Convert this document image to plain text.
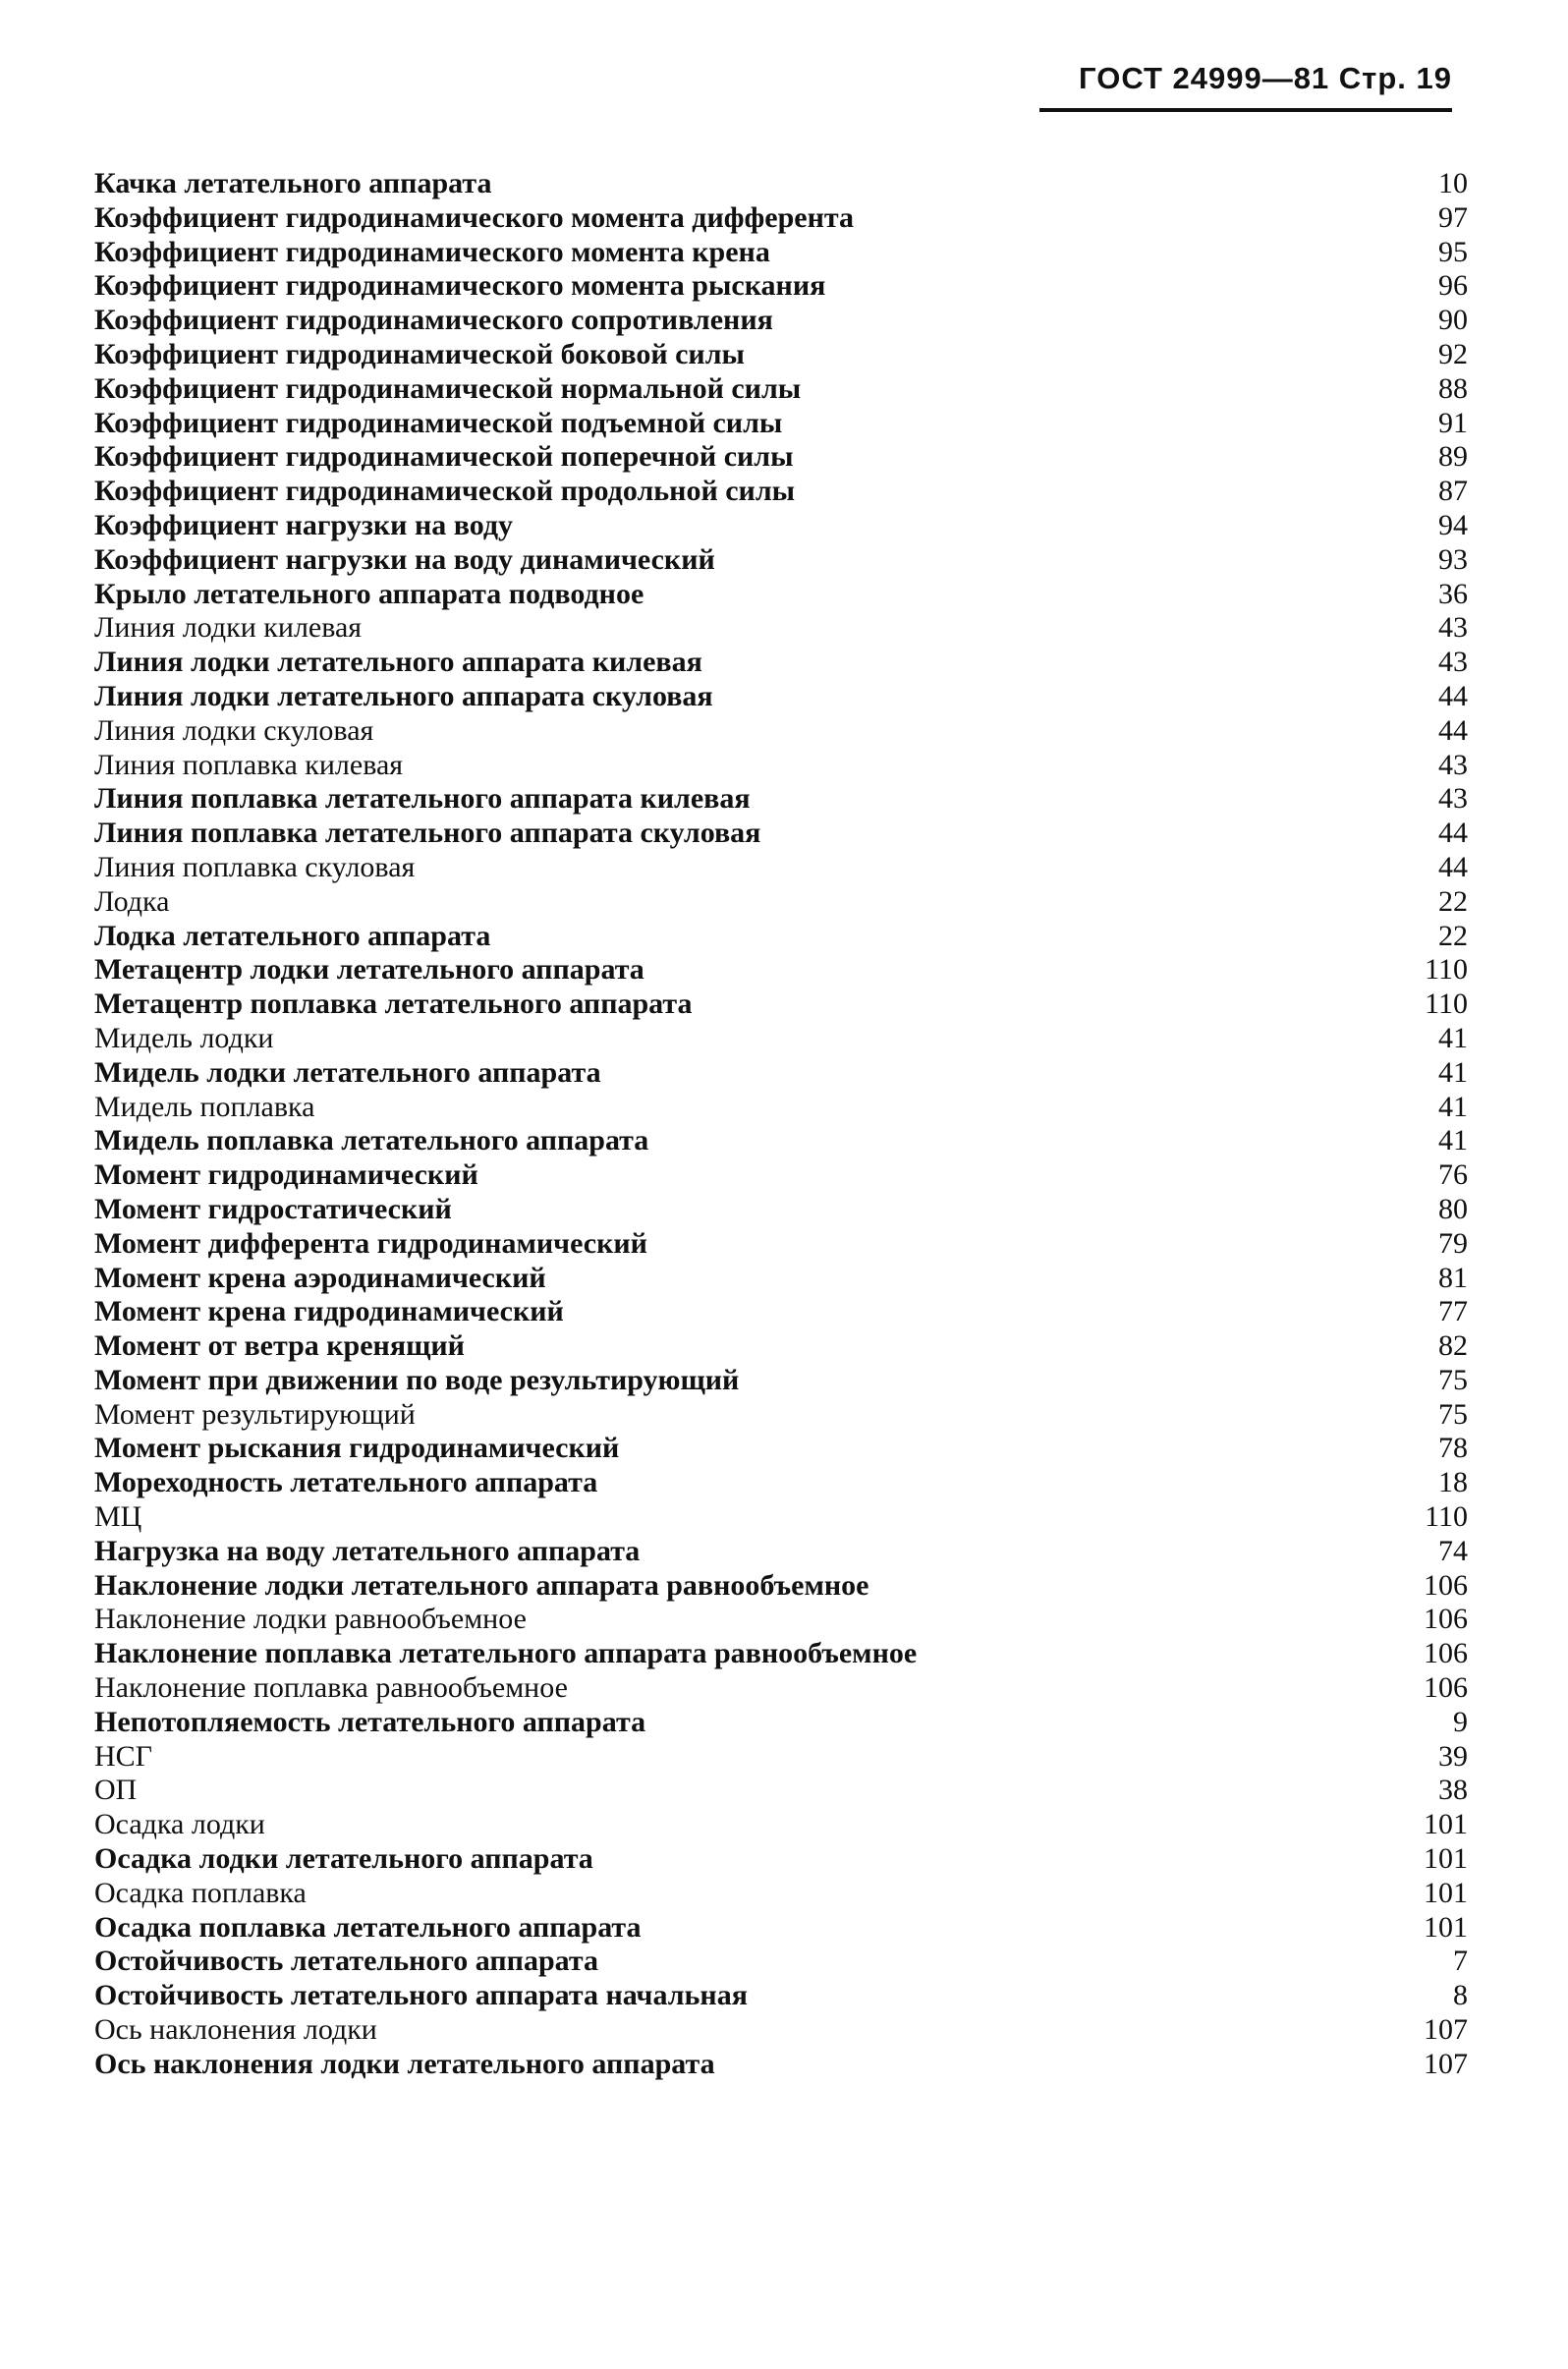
ГОСТ 24999—81 Стр. 19
Качка летательного аппарата	10
Коэффициент гидродинамического момента дифферента	97
Коэффициент гидродинамического момента крена	95
Коэффициент гидродинамического момента рыскания	96
Коэффициент гидродинамического сопротивления	90
Коэффициент гидродинамической боковой силы	92
Коэффициент гидродинамической нормальной силы	88
Коэффициент гидродинамической подъемной силы	91
Коэффициент гидродинамической поперечной силы	89
Коэффициент гидродинамической продольной силы	87
Коэффициент нагрузки на воду	94
Коэффициент нагрузки на воду динамический	93
Крыло летательного аппарата подводное	36
Линия лодки килевая	43
Линия лодки летательного аппарата килевая	43
Линия лодки летательного аппарата скуловая	44
Линия лодки скуловая	44
Линия поплавка килевая	43
Линия поплавка летательного аппарата килевая	43
Линия поплавка летательного аппарата скуловая	44
Линия поплавка скуловая	44
Лодка	22
Лодка летательного аппарата	22
Метацентр лодки летательного аппарата	110
Метацентр поплавка летательного аппарата	110
Мидель лодки	41
Мидель лодки летательного аппарата	41
Мидель поплавка	41
Мидель поплавка летательного аппарата	41
Момент гидродинамический	76
Момент гидростатический	80
Момент дифферента гидродинамический	79
Момент крена аэродинамический	81
Момент крена гидродинамический	77
Момент от ветра кренящий	82
Момент при движении по воде результирующий	75
Момент результирующий	75
Момент рыскания гидродинамический	78
Мореходность летательного аппарата	18
МЦ	110
Нагрузка на воду летательного аппарата	74
Наклонение лодки летательного аппарата равнообъемное	106
Наклонение лодки равнообъемное	106
Наклонение поплавка летательного аппарата равнообъемное	106
Наклонение поплавка равнообъемное	106
Непотопляемость летательного аппарата	9
НСГ	39
ОП	38
Осадка лодки	101
Осадка лодки летательного аппарата	101
Осадка поплавка	101
Осадка поплавка летательного аппарата	101
Остойчивость летательного аппарата	7
Остойчивость летательного аппарата начальная	8
Ось наклонения лодки	107
Ось наклонения лодки летательного аппарата	107
